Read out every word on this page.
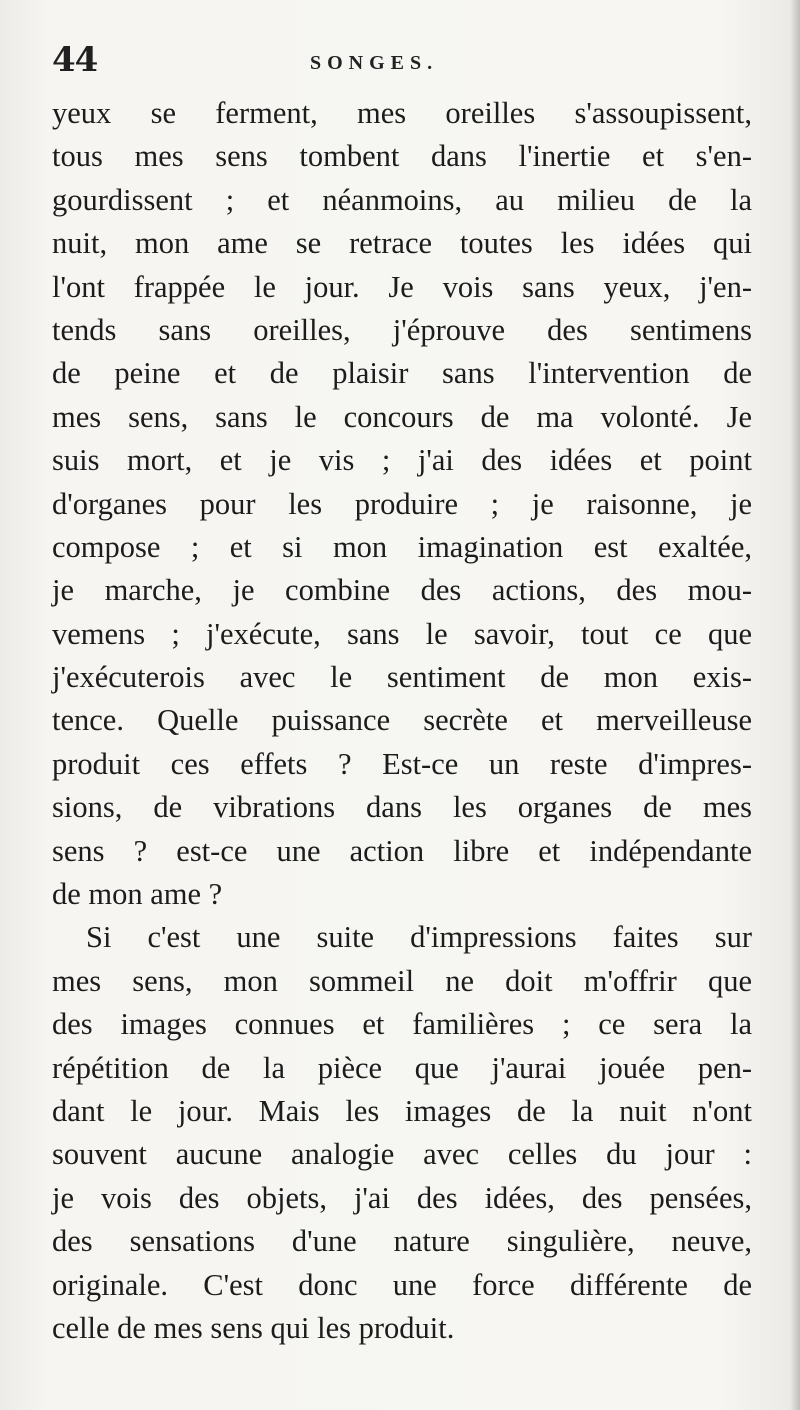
44	SONGES.
yeux se ferment, mes oreilles s'assoupissent,
tous mes sens tombent dans l'inertie et s'en-
gourdissent ; et néanmoins, au milieu de la
nuit, mon ame se retrace toutes les idées qui
l'ont frappée le jour. Je vois sans yeux, j'en-
tends sans oreilles, j'éprouve des sentimens
de peine et de plaisir sans l'intervention de
mes sens, sans le concours de ma volonté. Je
suis mort, et je vis ; j'ai des idées et point
d'organes pour les produire ; je raisonne, je
compose ; et si mon imagination est exaltée,
je marche, je combine des actions, des mou-
vemens ; j'exécute, sans le savoir, tout ce que
j'exécuterois avec le sentiment de mon exis-
tence. Quelle puissance secrète et merveilleuse
produit ces effets ? Est-ce un reste d'impres-
sions, de vibrations dans les organes de mes
sens ? est-ce une action libre et indépendante
de mon ame ?
Si c'est une suite d'impressions faites sur
mes sens, mon sommeil ne doit m'offrir que
des images connues et familières ; ce sera la
répétition de la pièce que j'aurai jouée pen-
dant le jour. Mais les images de la nuit n'ont
souvent aucune analogie avec celles du jour :
je vois des objets, j'ai des idées, des pensées,
des sensations d'une nature singulière, neuve,
originale. C'est donc une force différente de
celle de mes sens qui les produit.
